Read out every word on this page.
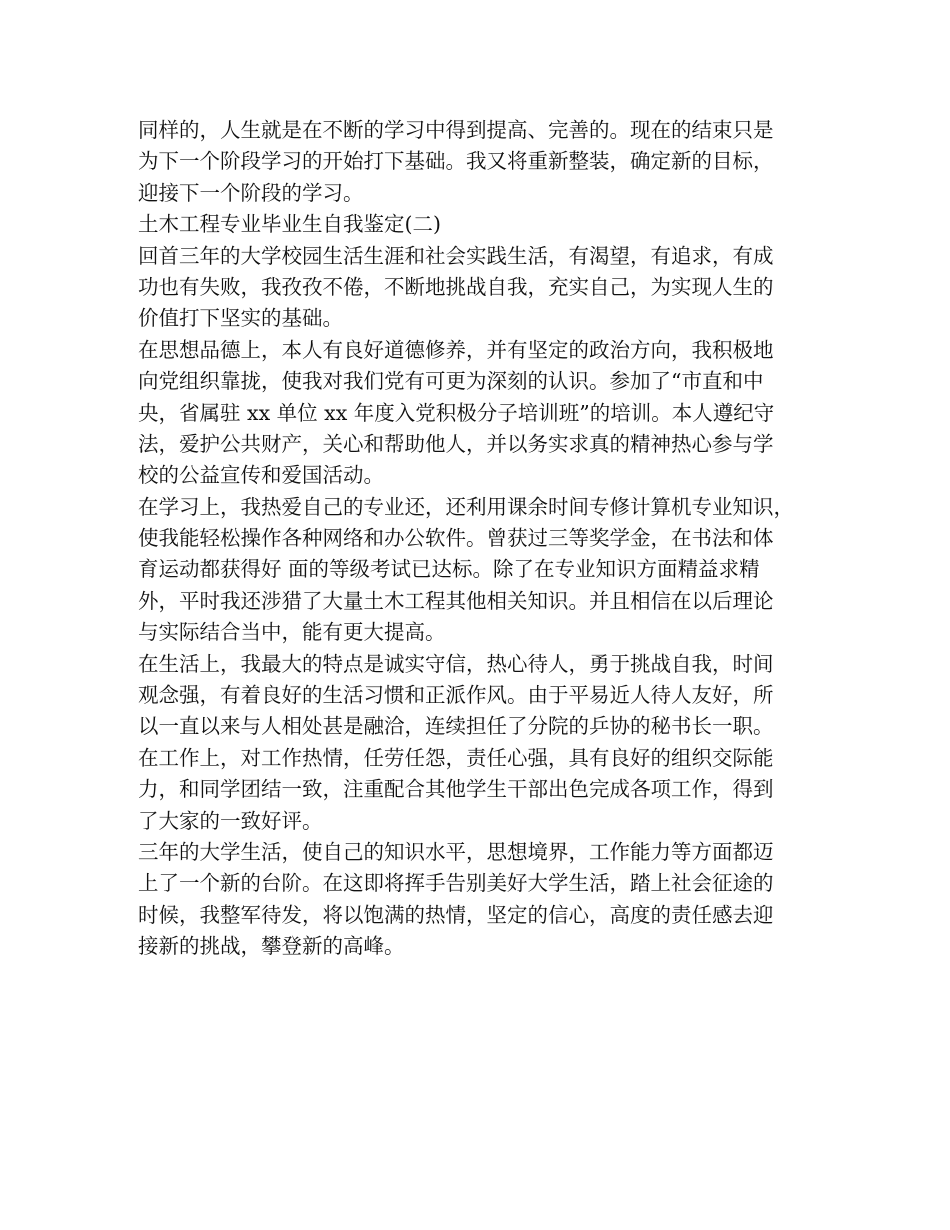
同样的，人生就是在不断的学习中得到提高、完善的。现在的结束只是
为下一个阶段学习的开始打下基础。我又将重新整装，确定新的目标，
迎接下一个阶段的学习。
土木工程专业毕业生自我鉴定(二)
回首三年的大学校园生活生涯和社会实践生活，有渴望，有追求，有成
功也有失败，我孜孜不倦，不断地挑战自我，充实自己，为实现人生的
价值打下坚实的基础。
在思想品德上，本人有良好道德修养，并有坚定的政治方向，我积极地
向党组织靠拢，使我对我们党有可更为深刻的认识。参加了“市直和中
央，省属驻 xx 单位 xx 年度入党积极分子培训班”的培训。本人遵纪守
法，爱护公共财产，关心和帮助他人，并以务实求真的精神热心参与学
校的公益宣传和爱国活动。
在学习上，我热爱自己的专业还，还利用课余时间专修计算机专业知识，
使我能轻松操作各种网络和办公软件。曾获过三等奖学金，在书法和体
育运动都获得好 面的等级考试已达标。除了在专业知识方面精益求精
外，平时我还涉猎了大量土木工程其他相关知识。并且相信在以后理论
与实际结合当中，能有更大提高。
在生活上，我最大的特点是诚实守信，热心待人，勇于挑战自我，时间
观念强，有着良好的生活习惯和正派作风。由于平易近人待人友好，所
以一直以来与人相处甚是融洽，连续担任了分院的乒协的秘书长一职。
在工作上，对工作热情，任劳任怨，责任心强，具有良好的组织交际能
力，和同学团结一致，注重配合其他学生干部出色完成各项工作，得到
了大家的一致好评。
三年的大学生活，使自己的知识水平，思想境界，工作能力等方面都迈
上了一个新的台阶。在这即将挥手告别美好大学生活，踏上社会征途的
时候，我整军待发，将以饱满的热情，坚定的信心，高度的责任感去迎
接新的挑战，攀登新的高峰。
